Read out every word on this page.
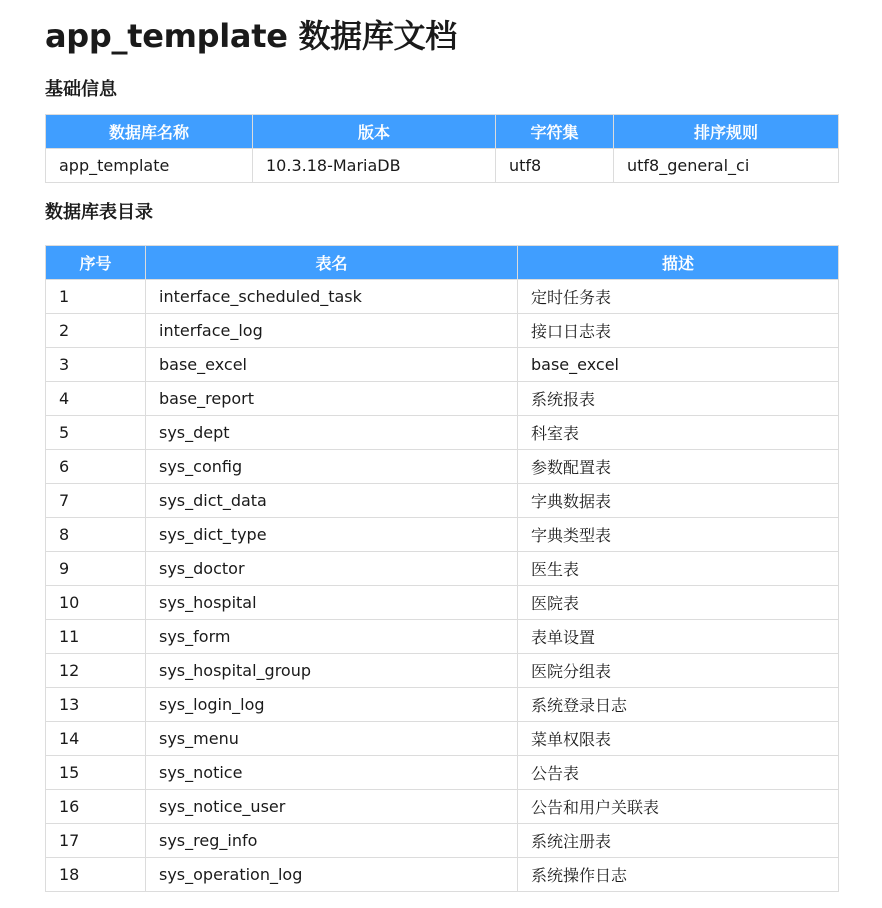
app_template 数据库文档
基础信息
数据库名称	版本	字符集	排序规则
app_template	10.3.18-MariaDB	utf8	utf8_general_ci
数据库表目录
序号	表名	描述
1	interface_scheduled_task	定时任务表
2	interface_log	接口日志表
3	base_excel	base_excel
4	base_report	系统报表
5	sys_dept	科室表
6	sys_config	参数配置表
7	sys_dict_data	字典数据表
8	sys_dict_type	字典类型表
9	sys_doctor	医生表
10	sys_hospital	医院表
11	sys_form	表单设置
12	sys_hospital_group	医院分组表
13	sys_login_log	系统登录日志
14	sys_menu	菜单权限表
15	sys_notice	公告表
16	sys_notice_user	公告和用户关联表
17	sys_reg_info	系统注册表
18	sys_operation_log	系统操作日志
